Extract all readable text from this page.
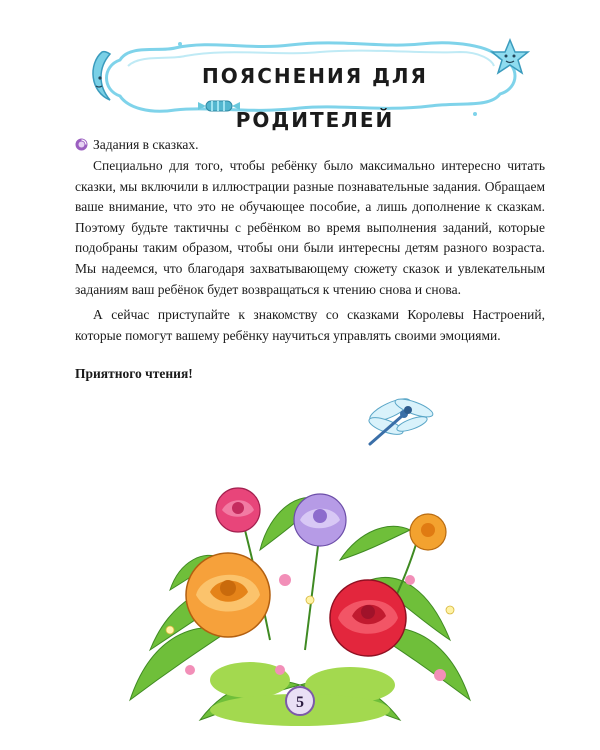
ПОЯСНЕНИЯ ДЛЯ РОДИТЕЛЕЙ
Задания в сказках.

Специально для того, чтобы ребёнку было максимально интересно читать сказки, мы включили в иллюстрации разные познавательные задания. Обращаем ваше внимание, что это не обучающее пособие, а лишь дополнение к сказкам. Поэтому будьте тактичны с ребёнком во время выполнения заданий, которые подобраны таким образом, чтобы они были интересны детям разного возраста. Мы надеемся, что благодаря захватывающему сюжету сказок и увлекательным заданиям ваш ребёнок будет возвращаться к чтению снова и снова.

А сейчас приступайте к знакомству со сказками Королевы Настроений, которые помогут вашему ребёнку научиться управлять своими эмоциями.

Приятного чтения!
5
